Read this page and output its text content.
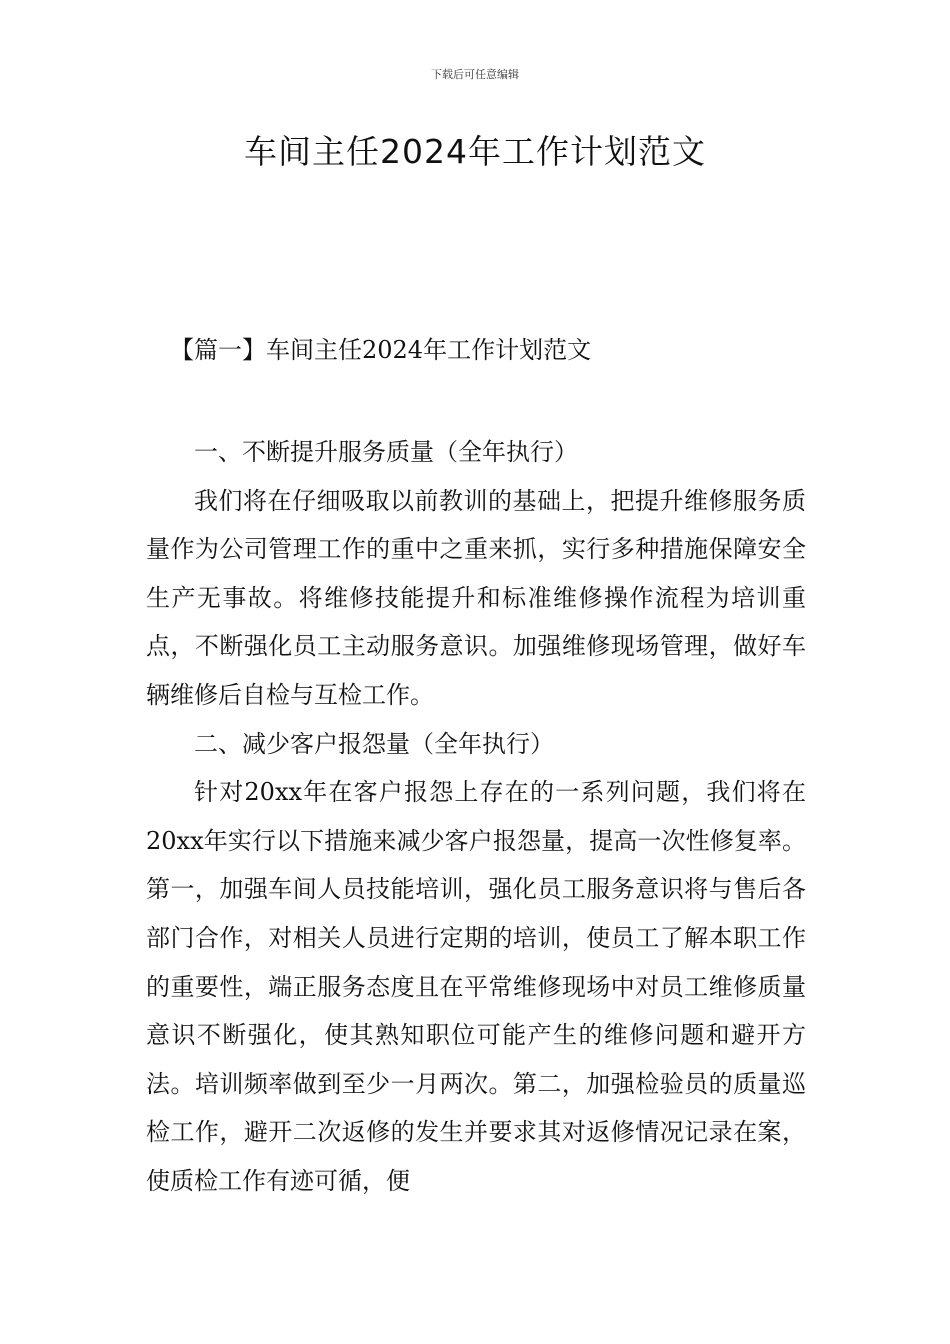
下载后可任意编辑
车间主任2024年工作计划范文
【篇一】车间主任2024年工作计划范文

一、不断提升服务质量（全年执行）

我们将在仔细吸取以前教训的基础上，把提升维修服务质量作为公司管理工作的重中之重来抓，实行多种措施保障安全生产无事故。将维修技能提升和标准维修操作流程为培训重点，不断强化员工主动服务意识。加强维修现场管理，做好车辆维修后自检与互检工作。

二、减少客户报怨量（全年执行）

针对20xx年在客户报怨上存在的一系列问题，我们将在20xx年实行以下措施来减少客户报怨量，提高一次性修复率。第一，加强车间人员技能培训，强化员工服务意识将与售后各部门合作，对相关人员进行定期的培训，使员工了解本职工作的重要性，端正服务态度且在平常维修现场中对员工维修质量意识不断强化，使其熟知职位可能产生的维修问题和避开方法。培训频率做到至少一月两次。第二，加强检验员的质量巡检工作，避开二次返修的发生并要求其对返修情况记录在案，使质检工作有迹可循，便
